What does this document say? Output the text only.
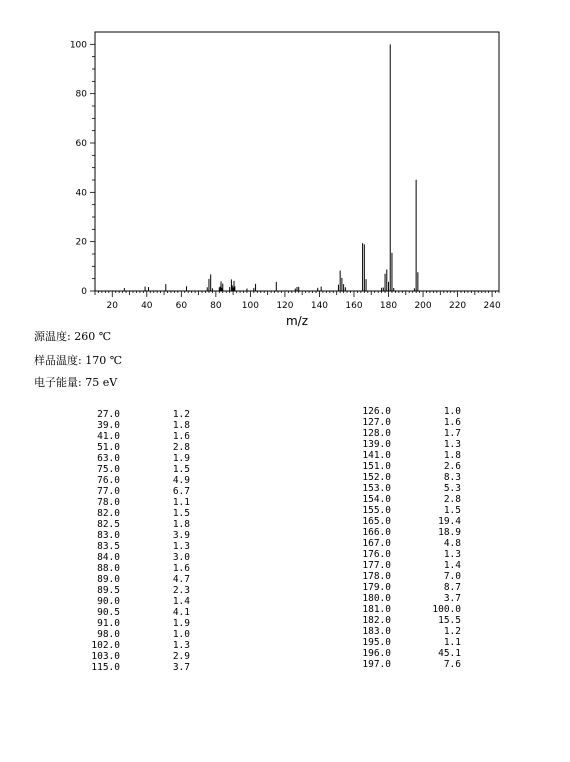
20	40	60	80 100 120 140 160 180 200 220 240
0
20
40
60
80
100
m/z
源温度: 260 ℃
样品温度: 170 ℃
电子能量: 75 eV
27.0	1.2
39.0	1.8
41.0	1.6
51.0	2.8
63.0	1.9
75.0	1.5
76.0	4.9
77.0	6.7
78.0	1.1
82.0	1.5
82.5	1.8
83.0	3.9
83.5	1.3
84.0	3.0
88.0	1.6
89.0	4.7
89.5	2.3
90.0	1.4
90.5	4.1
91.0	1.9
98.0	1.0
102.0	1.3
103.0	2.9
115.0	3.7
126.0	1.0
127.0	1.6
128.0	1.7
139.0	1.3
141.0	1.8
151.0	2.6
152.0	8.3
153.0	5.3
154.0	2.8
155.0	1.5
165.0	19.4
166.0	18.9
167.0	4.8
176.0	1.3
177.0	1.4
178.0	7.0
179.0	8.7
180.0	3.7
181.0	100.0
182.0	15.5
183.0	1.2
195.0	1.1
196.0	45.1
197.0	7.6
